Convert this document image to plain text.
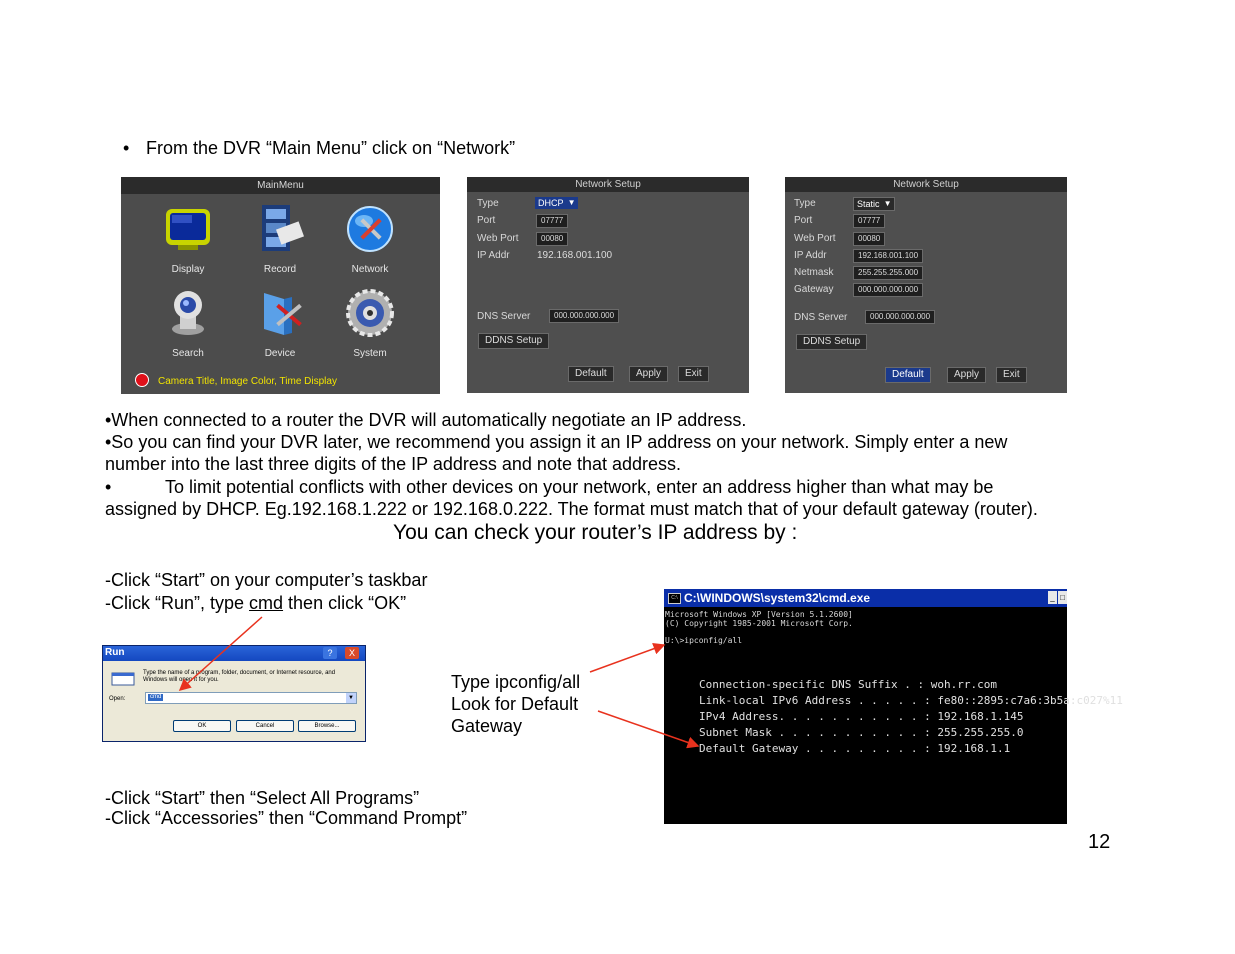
• From the DVR “Main Menu” click on “Network”
MainMenu
Display	Record	Network
Search	Device	System
Camera Title, Image Color, Time Display
Network Setup
Type	DHCP ▼
Port	07777
Web Port	00080
IP Addr	192.168.001.100
DNS Server	000.000.000.000
DDNS Setup
Default	Apply	Exit
Network Setup
Type	Static ▼
Port	07777
Web Port	00080
IP Addr	192.168.001.100
Netmask	255.255.255.000
Gateway	000.000.000.000
DNS Server	000.000.000.000
DDNS Setup
Default	Apply	Exit
•When connected to a router the DVR will automatically negotiate an IP address.
•So you can find your DVR later, we recommend you assign it an IP address on your network. Simply enter a new
number into the last three digits of the IP address and note that address.
•	To limit potential conflicts with other devices on your network, enter an address higher than what may be
assigned by DHCP. Eg.192.168.1.222 or 192.168.0.222. The format must match that of your default gateway (router).
You can check your router’s IP address by :
-Click “Start” on your computer’s taskbar
-Click “Run”, type cmd then click “OK”
-Click “Start” then “Select All Programs”
-Click “Accessories” then “Command Prompt”
Run	?	X
Type the name of a program, folder, document, or Internet resource, and Windows will open it for you.
Open:	cmd	▼
OK	Cancel	Browse...
Type ipconfig/all
Look for Default
Gateway
C:\ C:\WINDOWS\system32\cmd.exe	_ □
Microsoft Windows XP [Version 5.1.2600]
(C) Copyright 1985-2001 Microsoft Corp.
U:\>ipconfig/all
Connection-specific DNS Suffix . : woh.rr.com
Link-local IPv6 Address . . . . . : fe80::2895:c7a6:3b5a:c027%11
IPv4 Address. . . . . . . . . . . : 192.168.1.145
Subnet Mask . . . . . . . . . . . : 255.255.255.0
Default Gateway . . . . . . . . . : 192.168.1.1
12
